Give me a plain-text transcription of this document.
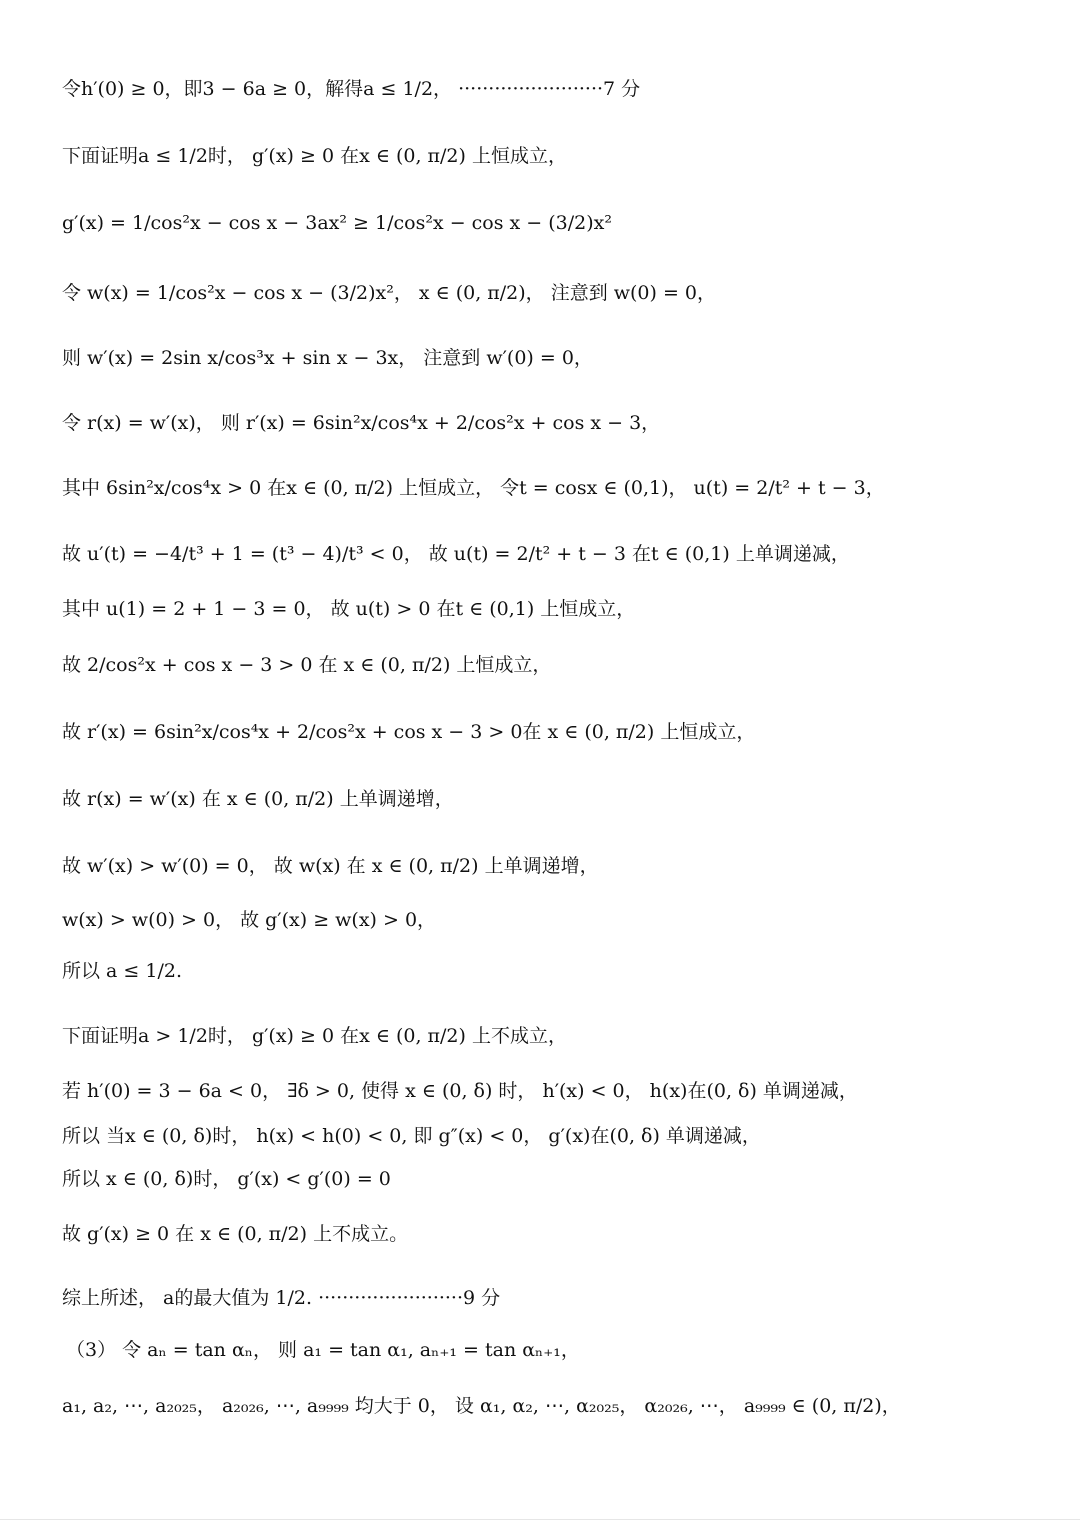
令h′(0) ≥ 0，即3 − 6a ≥ 0，解得a ≤ 1/2， ························7 分
下面证明a ≤ 1/2时， g′(x) ≥ 0 在x ∈ (0, π/2) 上恒成立，
g′(x) = 1/cos²x − cos x − 3ax² ≥ 1/cos²x − cos x − (3/2)x²
令 w(x) = 1/cos²x − cos x − (3/2)x²， x ∈ (0, π/2)， 注意到 w(0) = 0，
则 w′(x) = 2sin x/cos³x + sin x − 3x， 注意到 w′(0) = 0，
令 r(x) = w′(x)， 则 r′(x) = 6sin²x/cos⁴x + 2/cos²x + cos x − 3，
其中 6sin²x/cos⁴x > 0 在x ∈ (0, π/2) 上恒成立， 令t = cosx ∈ (0,1)， u(t) = 2/t² + t − 3，
故 u′(t) = −4/t³ + 1 = (t³ − 4)/t³ < 0， 故 u(t) = 2/t² + t − 3 在t ∈ (0,1) 上单调递减，
其中 u(1) = 2 + 1 − 3 = 0， 故 u(t) > 0 在t ∈ (0,1) 上恒成立，
故 2/cos²x + cos x − 3 > 0 在 x ∈ (0, π/2) 上恒成立，
故 r′(x) = 6sin²x/cos⁴x + 2/cos²x + cos x − 3 > 0在 x ∈ (0, π/2) 上恒成立，
故 r(x) = w′(x) 在 x ∈ (0, π/2) 上单调递增，
故 w′(x) > w′(0) = 0， 故 w(x) 在 x ∈ (0, π/2) 上单调递增，
w(x) > w(0) > 0， 故 g′(x) ≥ w(x) > 0，
所以 a ≤ 1/2.
下面证明a > 1/2时， g′(x) ≥ 0 在x ∈ (0, π/2) 上不成立，
若 h′(0) = 3 − 6a < 0， ∃δ > 0, 使得 x ∈ (0, δ) 时， h′(x) < 0， h(x)在(0, δ) 单调递减，
所以 当x ∈ (0, δ)时， h(x) < h(0) < 0, 即 g″(x) < 0， g′(x)在(0, δ) 单调递减，
所以 x ∈ (0, δ)时， g′(x) < g′(0) = 0
故 g′(x) ≥ 0 在 x ∈ (0, π/2) 上不成立。
综上所述， a的最大值为 1/2. ························9 分
（3） 令 aₙ = tan αₙ， 则 a₁ = tan α₁, aₙ₊₁ = tan αₙ₊₁，
a₁, a₂, ⋯, a₂₀₂₅， a₂₀₂₆, ⋯, a₉₉₉₉ 均大于 0， 设 α₁, α₂, ⋯, α₂₀₂₅， α₂₀₂₆, ⋯， a₉₉₉₉ ∈ (0, π/2)，
